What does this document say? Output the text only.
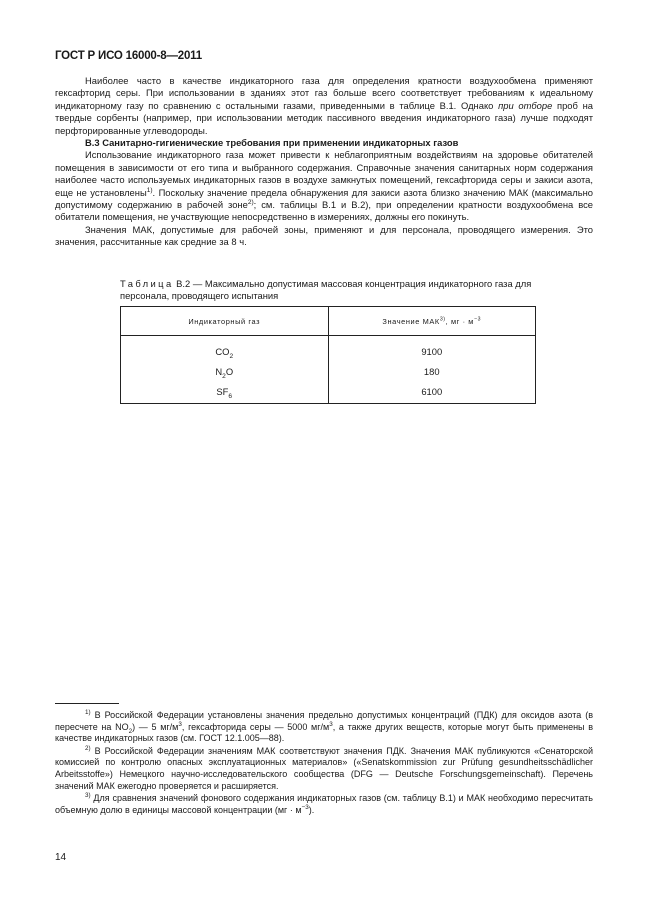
ГОСТ Р ИСО 16000-8—2011

Наиболее часто в качестве индикаторного газа для определения кратности воздухообмена применяют гексафторид серы. При использовании в зданиях этот газ больше всего соответствует требованиям к идеальному индикаторному газу по сравнению с остальными газами, приведенными в таблице В.1. Однако при отборе проб на твердые сорбенты (например, при использовании методик пассивного введения индикаторного газа) лучше подходят перфторированные углеводороды.

В.3 Санитарно-гигиенические требования при применении индикаторных газов

Использование индикаторного газа может привести к неблагоприятным воздействиям на здоровье обитателей помещения в зависимости от его типа и выбранного содержания. Справочные значения санитарных норм содержания наиболее часто используемых индикаторных газов в воздухе замкнутых помещений, гексафторида серы и закиси азота, еще не установлены$^{1)}$. Поскольку значение предела обнаружения для закиси азота близко значению МАК (максимально допустимому содержанию в рабочей зоне$^{2)}$; см. таблицы В.1 и В.2), при определении кратности воздухообмена все обитатели помещения, не участвующие непосредственно в измерениях, должны его покинуть.

Значения МАК, допустимые для рабочей зоны, применяют и для персонала, проводящего измерения. Это значения, рассчитанные как средние за 8 ч.

Таблица В.2 — Максимально допустимая массовая концентрация индикаторного газа для персонала, проводящего испытания
Индикаторный газ	Значение МАК$^{3)}$, мг · $м^{-3}$
$CO_2$	9100
$N_2O$	180
$SF_6$	6100

$^{1)}$ В Российской Федерации установлены значения предельно допустимых концентраций (ПДК) для оксидов азота (в пересчете на $NO_2$) — 5 $мг/м^3$, гексафторида серы — 5000 $мг/м^3$, а также других веществ, которые могут быть применены в качестве индикаторных газов (см. ГОСТ 12.1.005—88).

$^{2)}$ В Российской Федерации значениям МАК соответствуют значения ПДК. Значения МАК публикуются «Сенаторской комиссией по контролю опасных эксплуатационных материалов» («Senatskommission zur Prüfung gesundheitsschädlicher Arbeitsstoffe») Немецкого научно-исследовательского сообщества (DFG — Deutsche Forschungsgemeinschaft). Перечень значений МАК ежегодно проверяется и расширяется.

$^{3)}$ Для сравнения значений фонового содержания индикаторных газов (см. таблицу В.1) и МАК необходимо пересчитать объемную долю в единицы массовой концентрации $(мг \cdot м^{-3})$.

14
